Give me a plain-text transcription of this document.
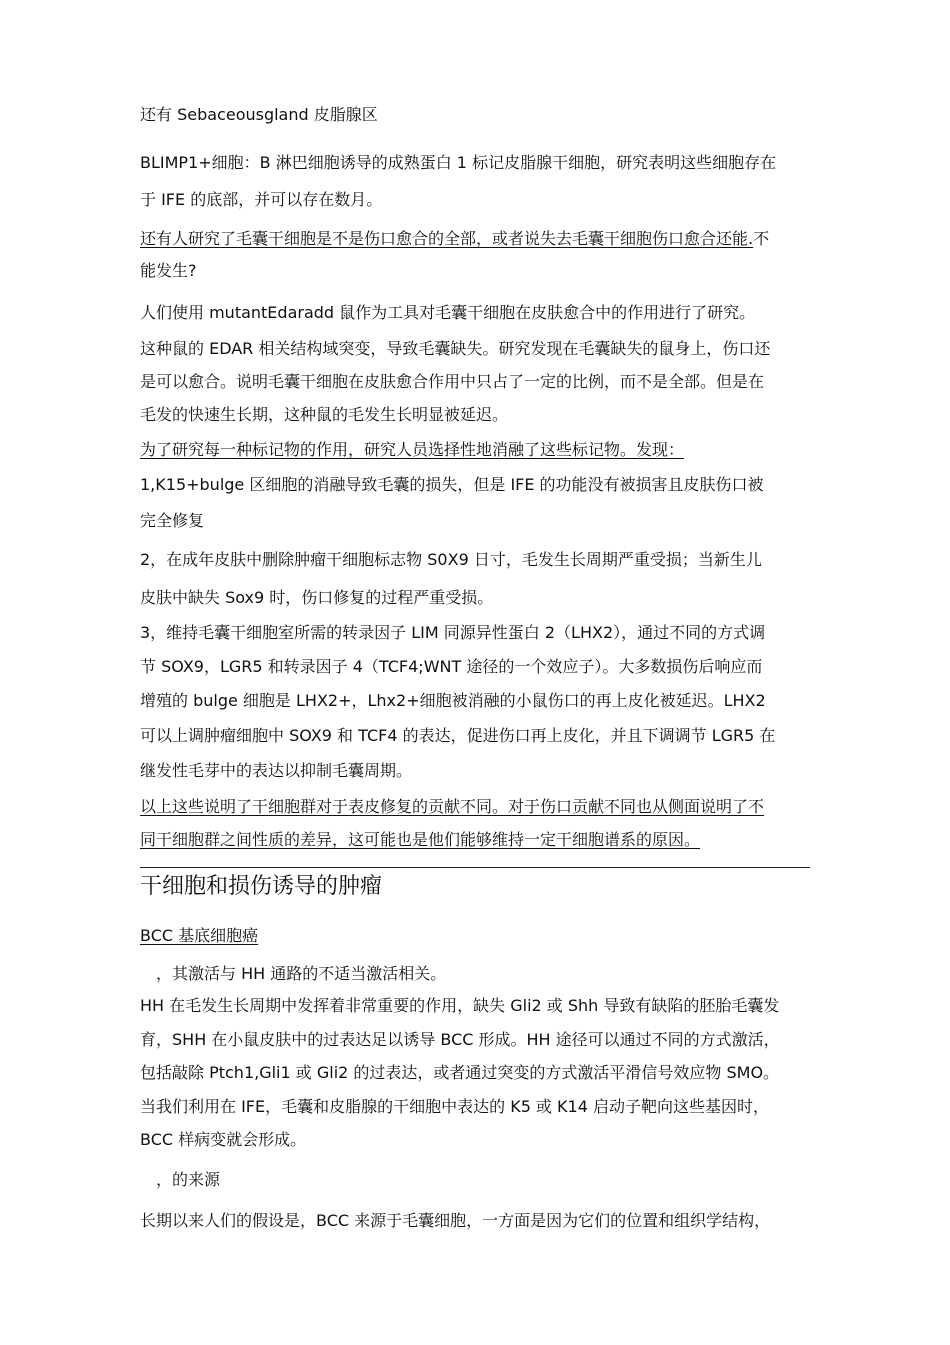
还有 Sebaceousgland 皮脂腺区
BLIMP1+细胞：B 淋巴细胞诱导的成熟蛋白 1 标记皮脂腺干细胞，研究表明这些细胞存在
于 IFE 的底部，并可以存在数月。
还有人研究了毛囊干细胞是不是伤口愈合的全部，或者说失去毛囊干细胞伤口愈合还能.不
能发生?
人们使用 mutantEdaradd 鼠作为工具对毛囊干细胞在皮肤愈合中的作用进行了研究。
这种鼠的 EDAR 相关结构域突变，导致毛囊缺失。研究发现在毛囊缺失的鼠身上，伤口还
是可以愈合。说明毛囊干细胞在皮肤愈合作用中只占了一定的比例，而不是全部。但是在
毛发的快速生长期，这种鼠的毛发生长明显被延迟。
为了研究每一种标记物的作用，研究人员选择性地消融了这些标记物。发现：
1,K15+bulge 区细胞的消融导致毛囊的损失，但是 IFE 的功能没有被损害且皮肤伤口被
完全修复
2，在成年皮肤中删除肿瘤干细胞标志物 S0X9 日寸，毛发生长周期严重受损；当新生儿
皮肤中缺失 Sox9 时，伤口修复的过程严重受损。
3，维持毛囊干细胞室所需的转录因子 LIM 同源异性蛋白 2（LHX2），通过不同的方式调
节 SOX9，LGR5 和转录因子 4（TCF4;WNT 途径的一个效应子）。大多数损伤后响应而
增殖的 bulge 细胞是 LHX2+，Lhx2+细胞被消融的小鼠伤口的再上皮化被延迟。LHX2
可以上调肿瘤细胞中 SOX9 和 TCF4 的表达，促进伤口再上皮化，并且下调调节 LGR5 在
继发性毛芽中的表达以抑制毛囊周期。
以上这些说明了干细胞群对于表皮修复的贡献不同。对于伤口贡献不同也从侧面说明了不
同干细胞群之间性质的差异，这可能也是他们能够维持一定干细胞谱系的原因。
干细胞和损伤诱导的肿瘤
BCC 基底细胞癌
，其激活与 HH 通路的不适当激活相关。
HH 在毛发生长周期中发挥着非常重要的作用，缺失 Gli2 或 Shh 导致有缺陷的胚胎毛囊发
育，SHH 在小鼠皮肤中的过表达足以诱导 BCC 形成。HH 途径可以通过不同的方式激活，
包括敲除 Ptch1,Gli1 或 Gli2 的过表达，或者通过突变的方式激活平滑信号效应物 SMO。
当我们利用在 IFE，毛囊和皮脂腺的干细胞中表达的 K5 或 K14 启动子靶向这些基因时，
BCC 样病变就会形成。
，的来源
长期以来人们的假设是，BCC 来源于毛囊细胞，一方面是因为它们的位置和组织学结构，
